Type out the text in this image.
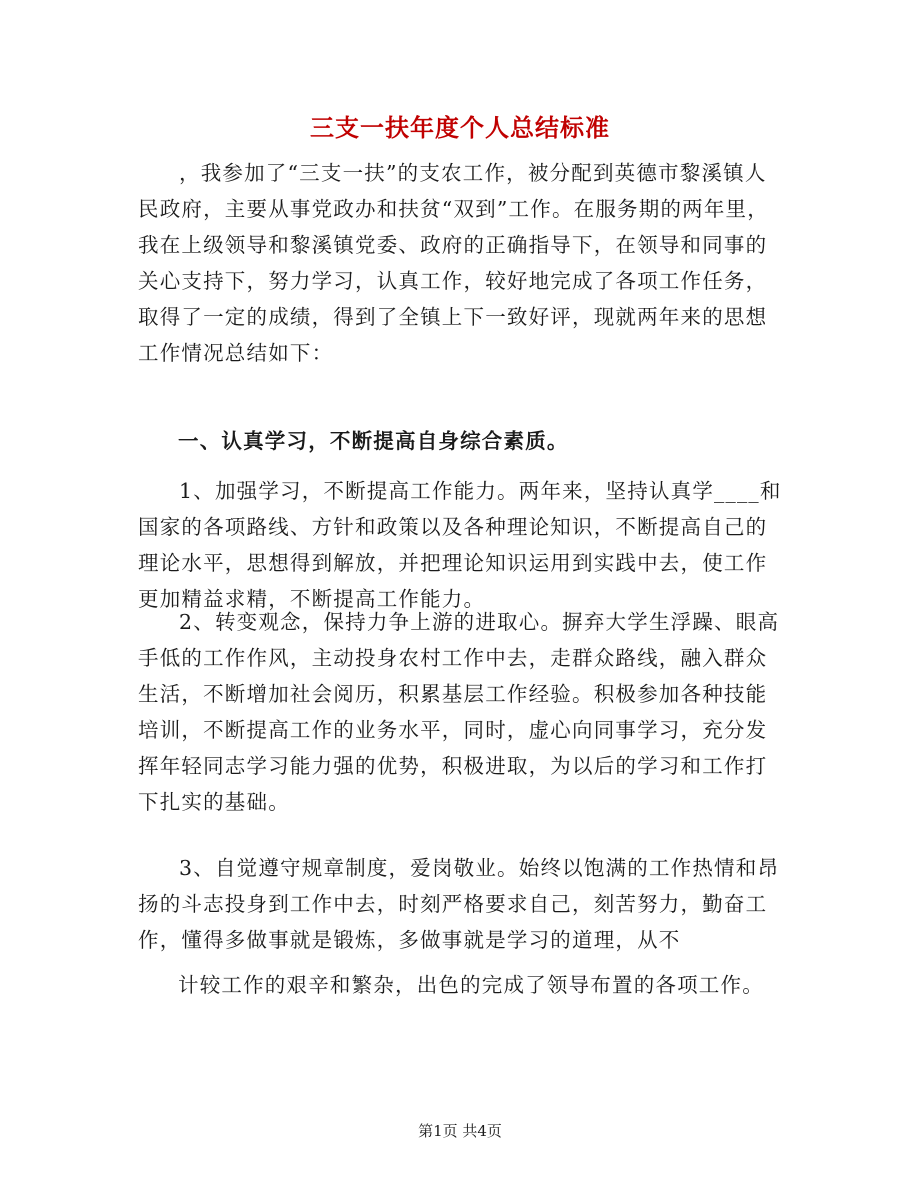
三支一扶年度个人总结标准

，我参加了“三支一扶”的支农工作，被分配到英德市黎溪镇人民政府，主要从事党政办和扶贫“双到”工作。在服务期的两年里，我在上级领导和黎溪镇党委、政府的正确指导下，在领导和同事的关心支持下，努力学习，认真工作，较好地完成了各项工作任务，取得了一定的成绩，得到了全镇上下一致好评，现就两年来的思想工作情况总结如下：

一、认真学习，不断提高自身综合素质。

1、加强学习，不断提高工作能力。两年来，坚持认真学____和国家的各项路线、方针和政策以及各种理论知识，不断提高自己的理论水平，思想得到解放，并把理论知识运用到实践中去，使工作更加精益求精，不断提高工作能力。

2、转变观念，保持力争上游的进取心。摒弃大学生浮躁、眼高手低的工作作风，主动投身农村工作中去，走群众路线，融入群众生活，不断增加社会阅历，积累基层工作经验。积极参加各种技能培训，不断提高工作的业务水平，同时，虚心向同事学习，充分发挥年轻同志学习能力强的优势，积极进取，为以后的学习和工作打下扎实的基础。

3、自觉遵守规章制度，爱岗敬业。始终以饱满的工作热情和昂扬的斗志投身到工作中去，时刻严格要求自己，刻苦努力，勤奋工作，懂得多做事就是锻炼，多做事就是学习的道理，从不

计较工作的艰辛和繁杂，出色的完成了领导布置的各项工作。

第1页 共4页
